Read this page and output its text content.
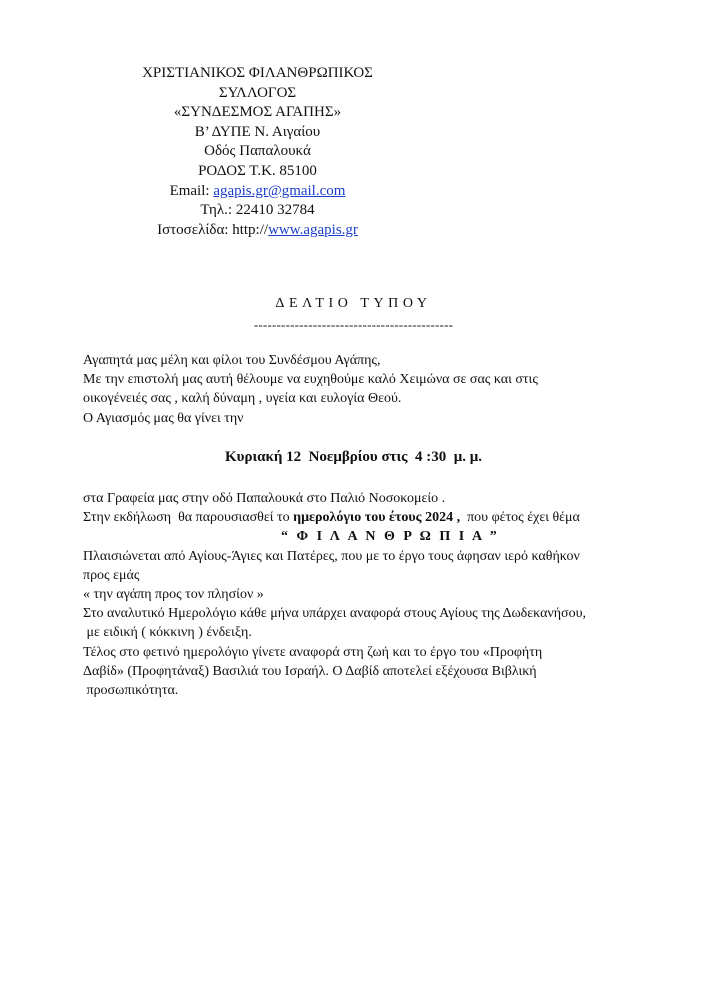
ΧΡΙΣΤΙΑΝΙΚΟΣ ΦΙΛΑΝΘΡΩΠΙΚΟΣ
ΣΥΛΛΟΓΟΣ
«ΣΥΝΔΕΣΜΟΣ ΑΓΑΠΗΣ»
Β’ ΔΥΠΕ Ν. Αιγαίου
Οδός Παπαλουκά
ΡΟΔΟΣ Τ.Κ. 85100
Email: agapis.gr@gmail.com
Τηλ.: 22410 32784
Ιστοσελίδα: http://www.agapis.gr
ΔΕΛΤΙΟ ΤΥΠΟΥ
--------------------------------------------
Αγαπητά μας μέλη και φίλοι του Συνδέσμου Αγάπης,
Με την επιστολή μας αυτή θέλουμε να ευχηθούμε καλό Χειμώνα σε σας και στις
οικογένειές σας , καλή δύναμη , υγεία και ευλογία Θεού.
Ο Αγιασμός μας θα γίνει την
Κυριακή 12  Νοεμβρίου στις  4 :30  μ. μ.
στα Γραφεία μας στην οδό Παπαλουκά στο Παλιό Νοσοκομείο .
Στην εκδήλωση  θα παρουσιασθεί το ημερολόγιο του έτους 2024 ,  που φέτος έχει θέμα
“ Φ Ι Λ Α Ν Θ Ρ Ω Π Ι Α ”
Πλαισιώνεται από Αγίους-Άγιες και Πατέρες, που με το έργο τους άφησαν ιερό καθήκον
προς εμάς
« την αγάπη προς τον πλησίον »
Στο αναλυτικό Ημερολόγιο κάθε μήνα υπάρχει αναφορά στους Αγίους της Δωδεκανήσου,
με ειδική ( κόκκινη ) ένδειξη.
Τέλος στο φετινό ημερολόγιο γίνετε αναφορά στη ζωή και το έργο του «Προφήτη
Δαβίδ» (Προφητάναξ) Βασιλιά του Ισραήλ. Ο Δαβίδ αποτελεί εξέχουσα Βιβλική
προσωπικότητα.
